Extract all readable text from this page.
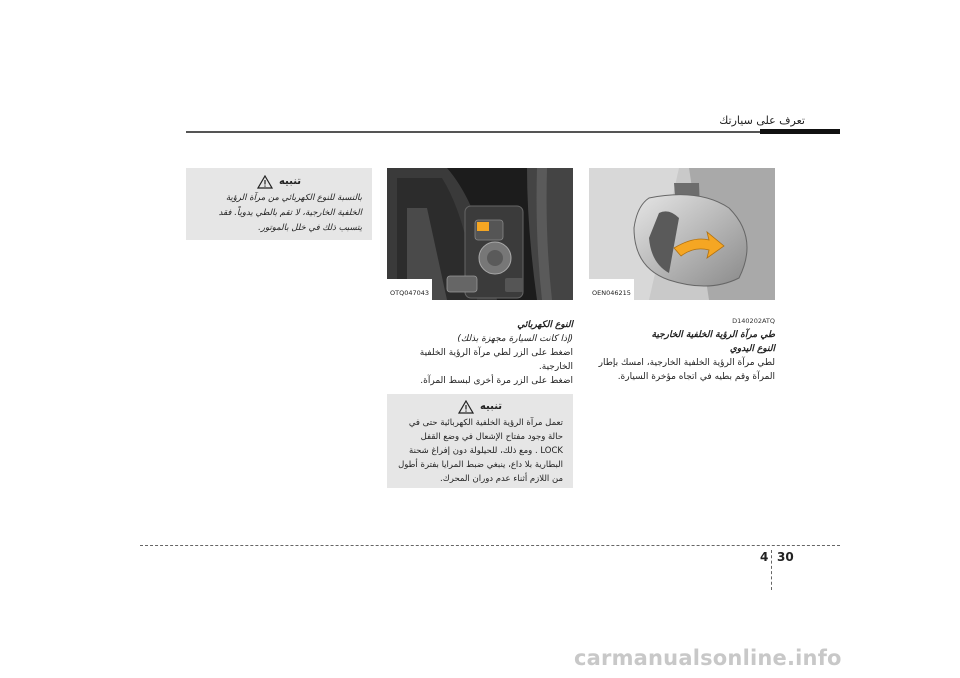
تعرف على سيارتك
تنبيه
بالنسبة للنوع الكهربائي من مرآة الرؤية
الخلفية الخارجية، لا تقم بالطي يدوياً. فقد
يتسبب ذلك في خلل بالموتور.
OTQ047043	OEN046215
النوع الكهربائي
(إذا كانت السيارة مجهزة بذلك)
اضغط على الزر لطي مرآة الرؤية الخلفية
الخارجية.
اضغط على الزر مرة أخرى لبسط المرآة.
تنبيه
تعمل مرآة الرؤية الخلفية الكهربائية حتى في
حالة وجود مفتاح الإشعال في وضع القفل
LOCK . ومع ذلك، للحيلولة دون إفراغ شحنة
البطارية بلا داع، ينبغي ضبط المرايا بفترة أطول
من اللازم أثناء عدم دوران المحرك.
D140202ATQ
طي مرآة الرؤية الخلفية الخارجية
النوع اليدوي
لطي مرآة الرؤية الخلفية الخارجية، امسك بإطار
المرآة وقم بطيه في اتجاه مؤخرة السيارة.
4 30
carmanualsonline.info
